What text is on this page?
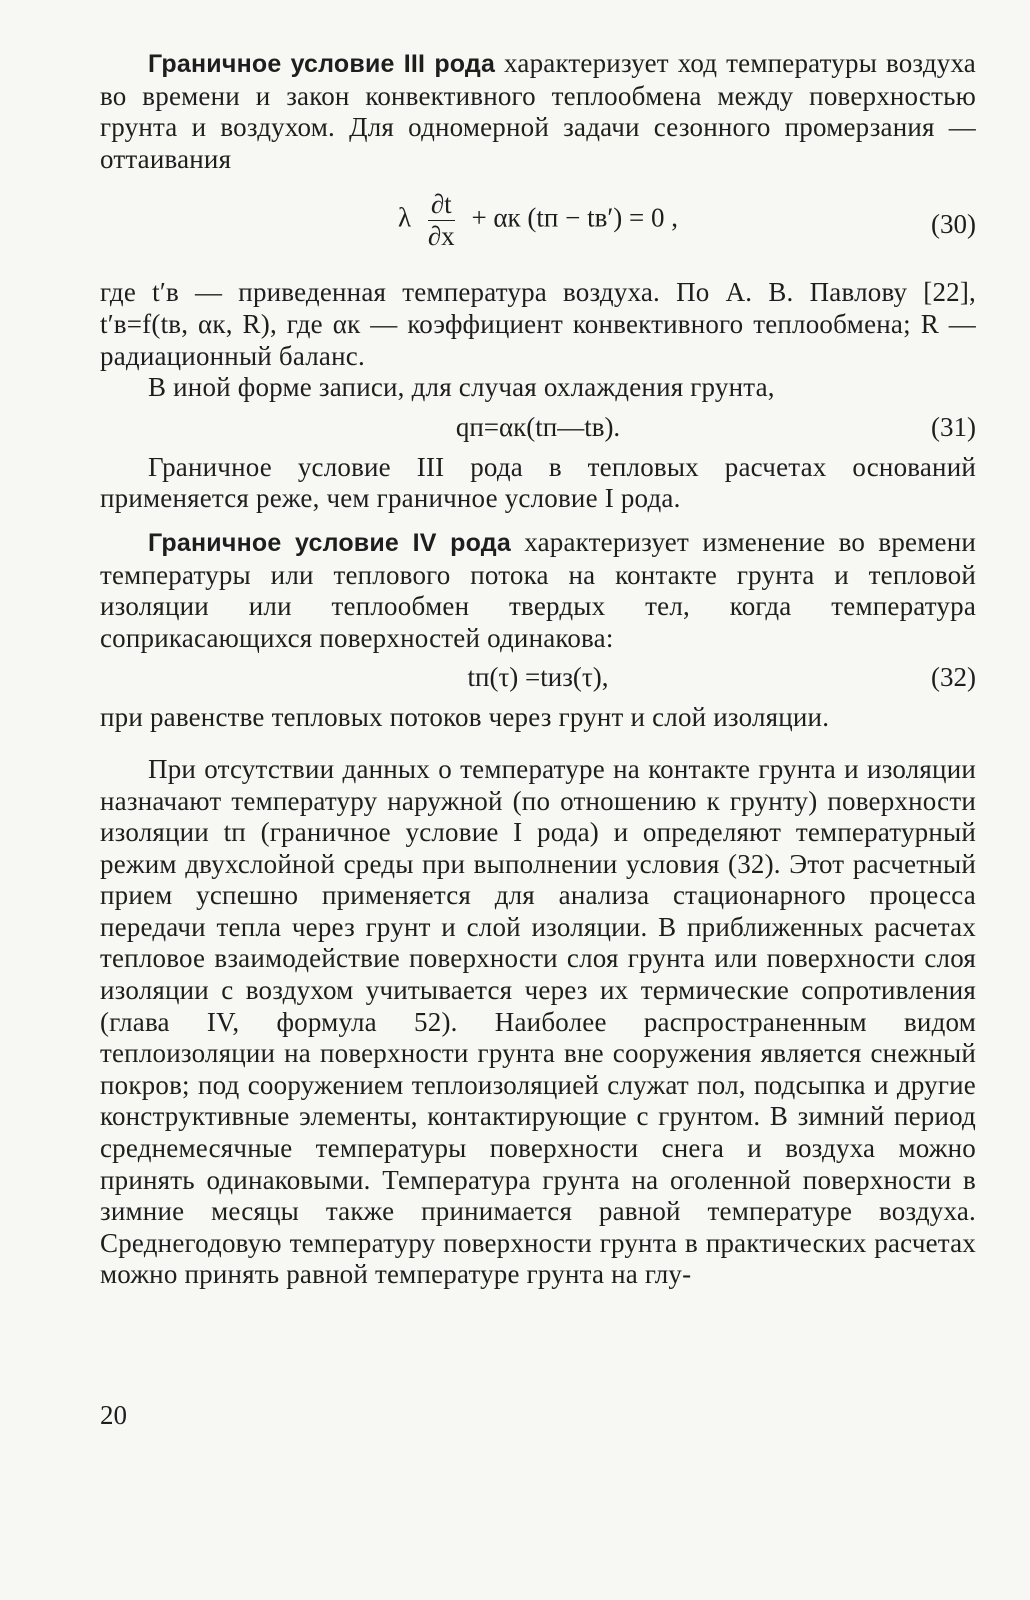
Граничное условие III рода характеризует ход температуры воздуха во времени и закон конвективного теплообмена между поверхностью грунта и воздухом. Для одномерной задачи сезонного промерзания — оттаивания

λ $\frac{\partial t}{\partial x} + \alpha к$ (tп − tв′) = 0 ,	(30)

где t′в — приведенная температура воздуха. По А. В. Павлову [22], t′в=f(tв, αк, R), где αк — коэффициент конвективного теплообмена; R — радиационный баланс.

В иной форме записи, для случая охлаждения грунта,

qп=αк(tп—tв).	(31)

Граничное условие III рода в тепловых расчетах оснований применяется реже, чем граничное условие I рода.

Граничное условие IV рода характеризует изменение во времени температуры или теплового потока на контакте грунта и тепловой изоляции или теплообмен твердых тел, когда температура соприкасающихся поверхностей одинакова:

tп(τ) =tиз(τ),	(32)

при равенстве тепловых потоков через грунт и слой изоляции.

При отсутствии данных о температуре на контакте грунта и изоляции назначают температуру наружной (по отношению к грунту) поверхности изоляции tп (граничное условие I рода) и определяют температурный режим двухслойной среды при выполнении условия (32). Этот расчетный прием успешно применяется для анализа стационарного процесса передачи тепла через грунт и слой изоляции. В приближенных расчетах тепловое взаимодействие поверхности слоя грунта или поверхности слоя изоляции с воздухом учитывается через их термические сопротивления (глава IV, формула 52). Наиболее распространенным видом теплоизоляции на поверхности грунта вне сооружения является снежный покров; под сооружением теплоизоляцией служат пол, подсыпка и другие конструктивные элементы, контактирующие с грунтом. В зимний период среднемесячные температуры поверхности снега и воздуха можно принять одинаковыми. Температура грунта на оголенной поверхности в зимние месяцы также принимается равной температуре воздуха. Среднегодовую температуру поверхности грунта в практических расчетах можно принять равной температуре грунта на глу-

20
